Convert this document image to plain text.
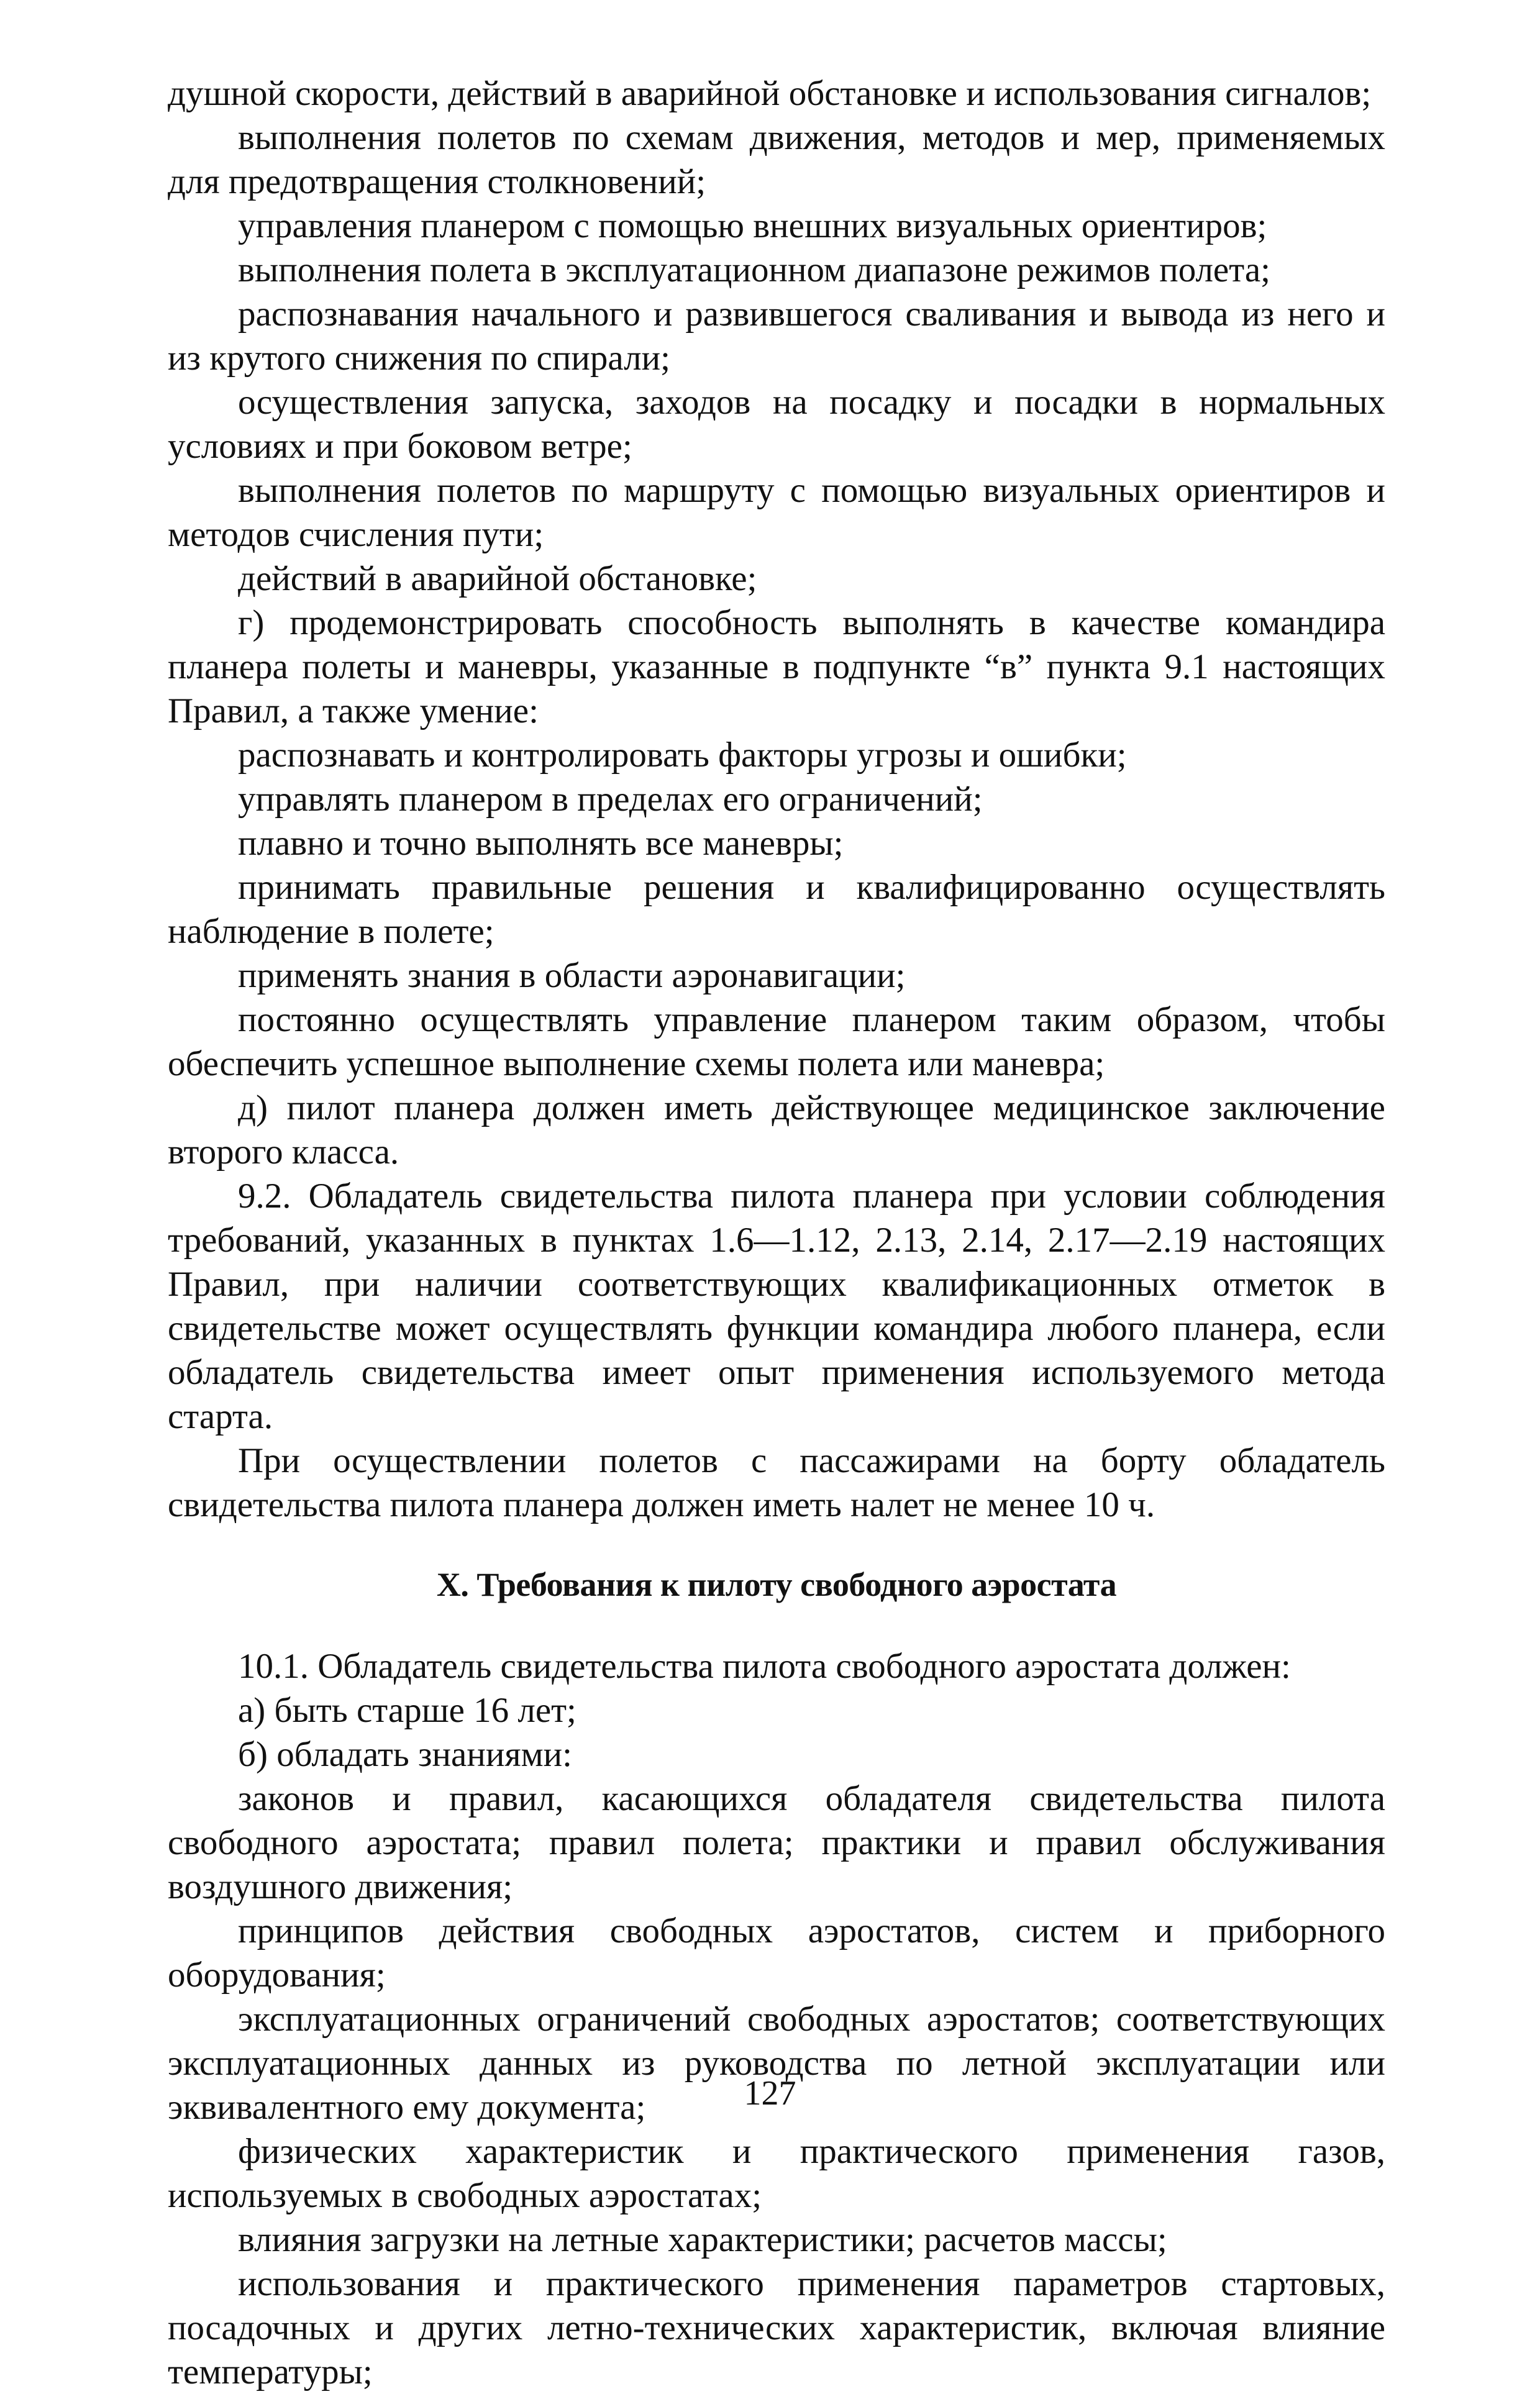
душной скорости, действий в аварийной обстановке и использования сигналов;

выполнения полетов по схемам движения, методов и мер, применяемых для предотвращения столкновений;

управления планером с помощью внешних визуальных ориентиров;

выполнения полета в эксплуатационном диапазоне режимов полета;

распознавания начального и развившегося сваливания и вывода из него и из крутого снижения по спирали;

осуществления запуска, заходов на посадку и посадки в нормальных условиях и при боковом ветре;

выполнения полетов по маршруту с помощью визуальных ориентиров и методов счисления пути;

действий в аварийной обстановке;

г) продемонстрировать способность выполнять в качестве командира планера полеты и маневры, указанные в подпункте “в” пункта 9.1 настоящих Правил, а также умение:

распознавать и контролировать факторы угрозы и ошибки;

управлять планером в пределах его ограничений;

плавно и точно выполнять все маневры;

принимать правильные решения и квалифицированно осуществлять наблюдение в полете;

применять знания в области аэронавигации;

постоянно осуществлять управление планером таким образом, чтобы обеспечить успешное выполнение схемы полета или маневра;

д) пилот планера должен иметь действующее медицинское заключение второго класса.

9.2. Обладатель свидетельства пилота планера при условии соблюдения требований, указанных в пунктах 1.6—1.12, 2.13, 2.14, 2.17—2.19 настоящих Правил, при наличии соответствующих квалификационных отметок в свидетельстве может осуществлять функции командира любого планера, если обладатель свидетельства имеет опыт применения используемого метода старта.

При осуществлении полетов с пассажирами на борту обладатель свидетельства пилота планера должен иметь налет не менее 10 ч.

X. Требования к пилоту свободного аэростата

10.1. Обладатель свидетельства пилота свободного аэростата должен:

а) быть старше 16 лет;

б) обладать знаниями:

законов и правил, касающихся обладателя свидетельства пилота свободного аэростата; правил полета; практики и правил обслуживания воздушного движения;

принципов действия свободных аэростатов, систем и приборного оборудования;

эксплуатационных ограничений свободных аэростатов; соответствующих эксплуатационных данных из руководства по летной эксплуатации или эквивалентного ему документа;

физических характеристик и практического применения газов, используемых в свободных аэростатах;

влияния загрузки на летные характеристики; расчетов массы;

использования и практического применения параметров стартовых, посадочных и других летно-технических характеристик, включая влияние температуры;

127
